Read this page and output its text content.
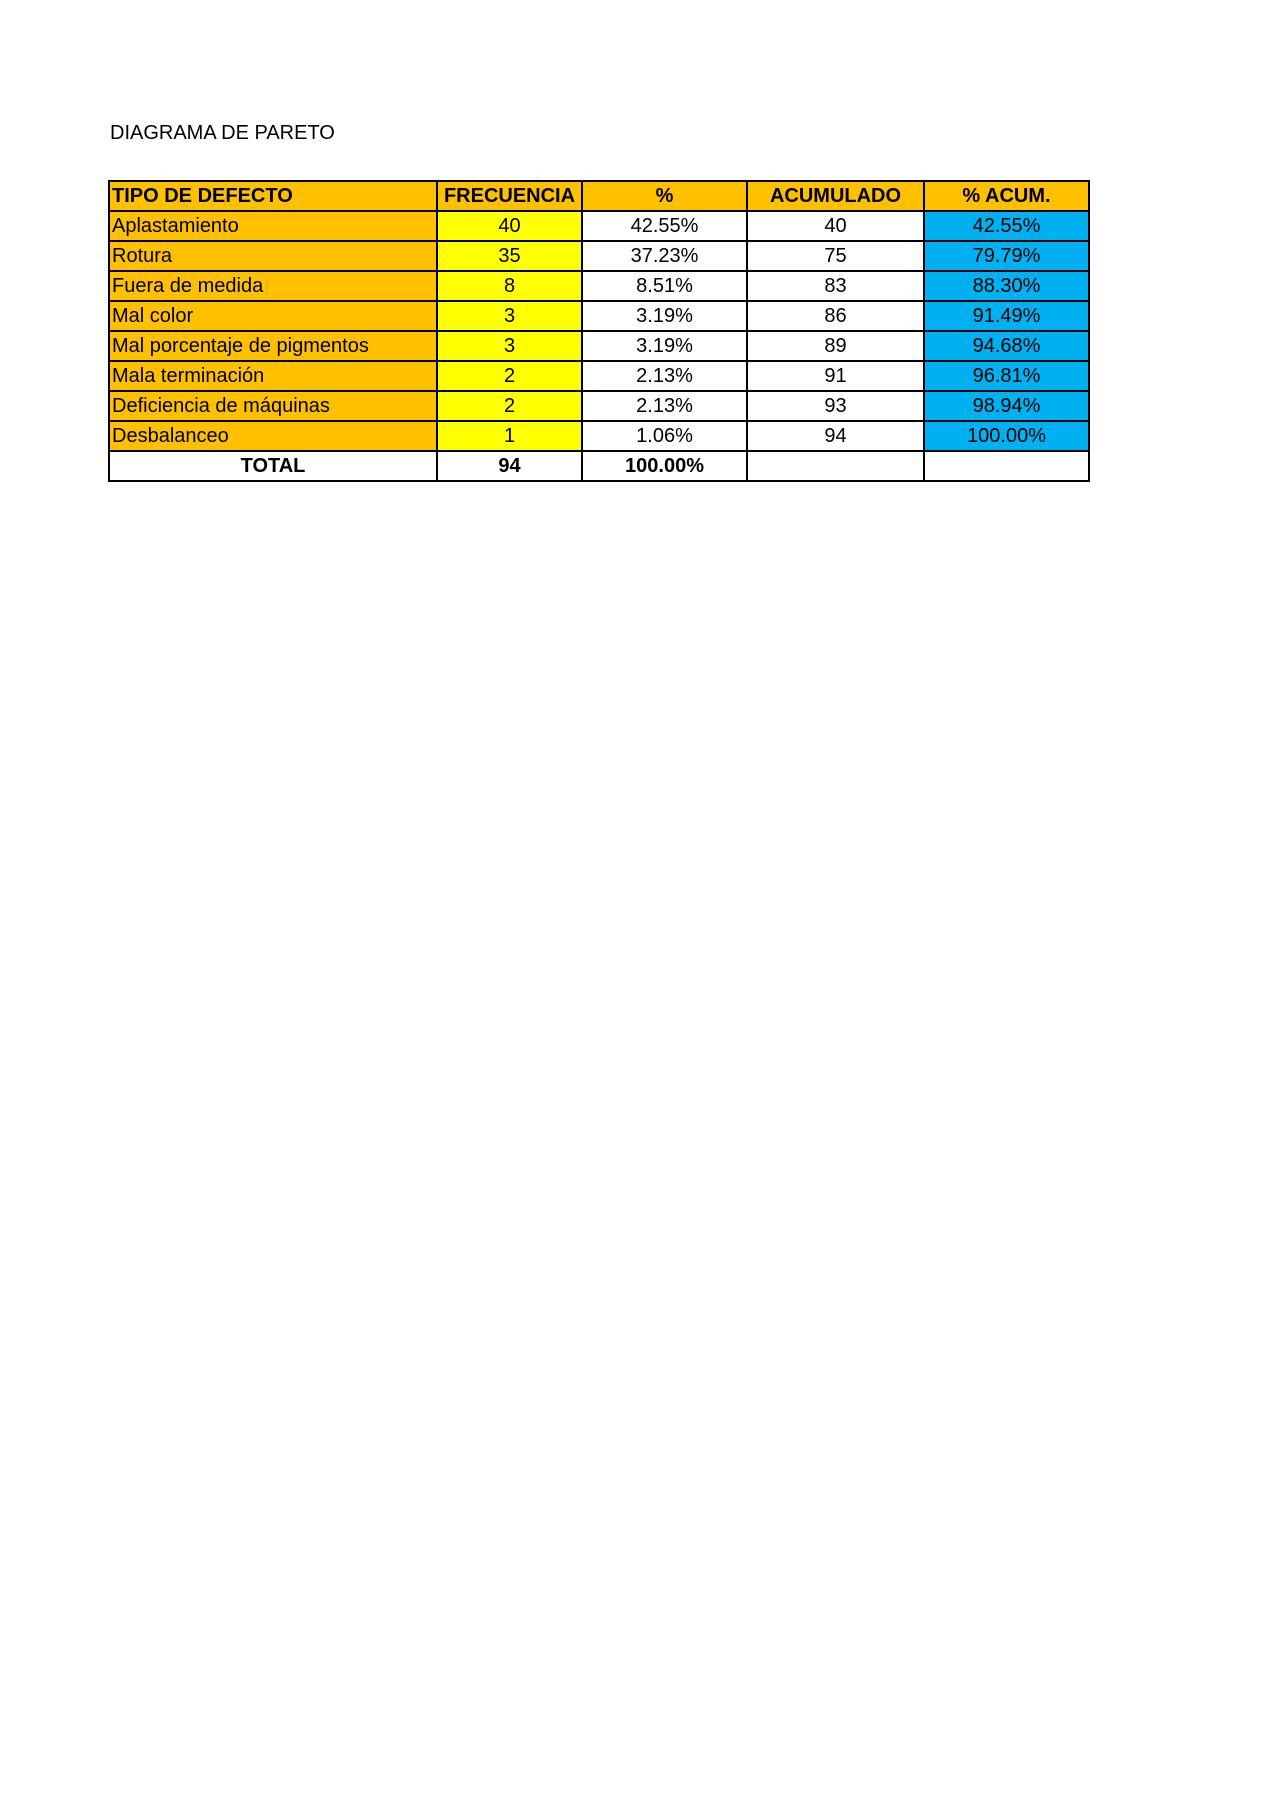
DIAGRAMA DE PARETO
TIPO DE DEFECTO	FRECUENCIA	%	ACUMULADO	% ACUM.
Aplastamiento	40	42.55%	40	42.55%
Rotura	35	37.23%	75	79.79%
Fuera de medida	8	8.51%	83	88.30%
Mal color	3	3.19%	86	91.49%
Mal porcentaje de pigmentos	3	3.19%	89	94.68%
Mala terminación	2	2.13%	91	96.81%
Deficiencia de máquinas	2	2.13%	93	98.94%
Desbalanceo	1	1.06%	94	100.00%
TOTAL	94	100.00%		
